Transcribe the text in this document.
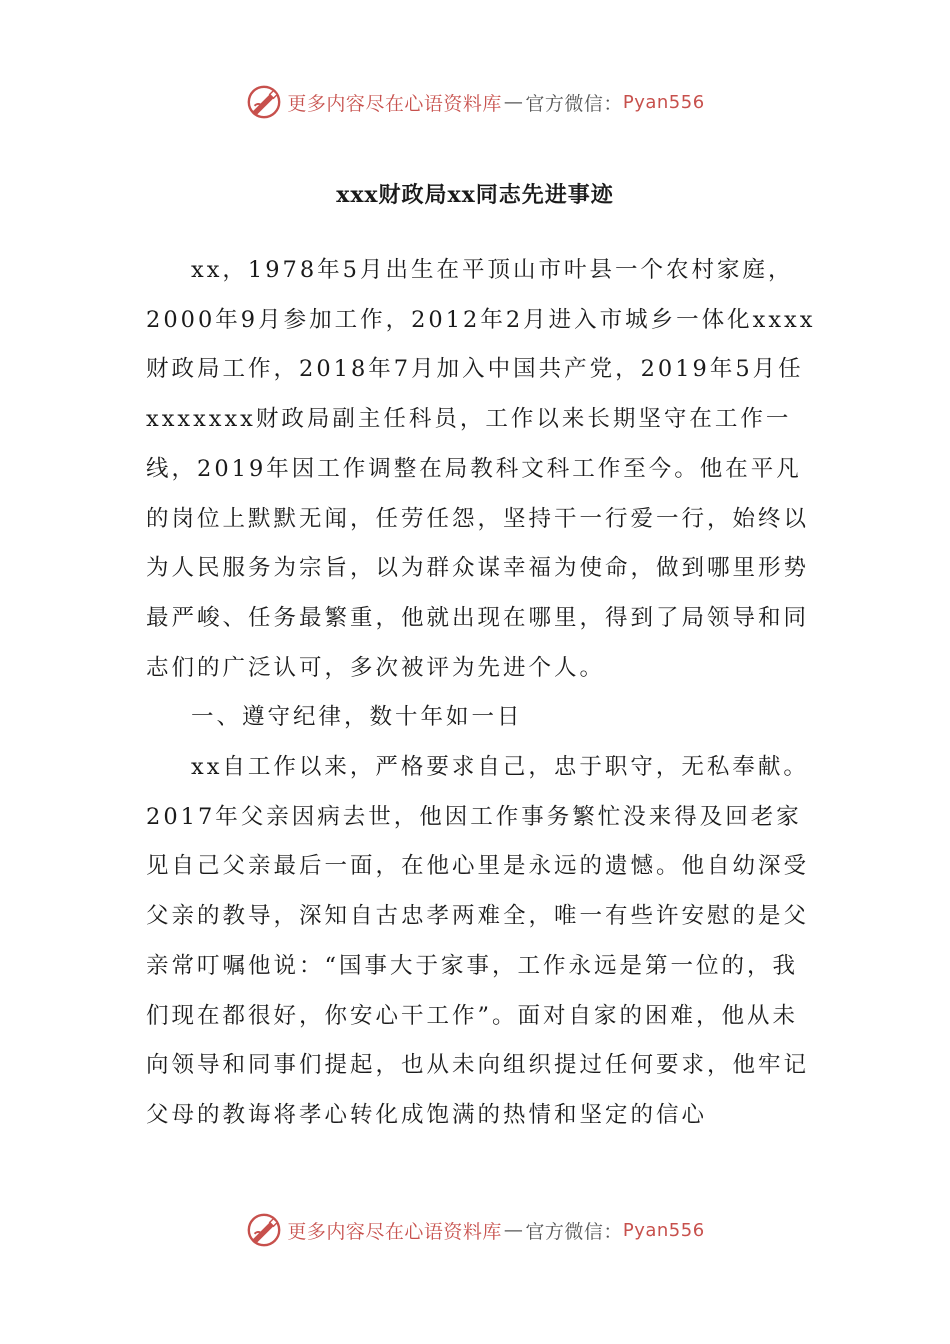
更多内容尽在心语资料库 — 官方微信： Pyan556
xxx财政局xx同志先进事迹

xx，1978年5月出生在平顶山市叶县一个农村家庭，2000年9月参加工作，2012年2月进入市城乡一体化xxxx财政局工作，2018年7月加入中国共产党，2019年5月任xxxxxxx财政局副主任科员，工作以来长期坚守在工作一线，2019年因工作调整在局教科文科工作至今。他在平凡的岗位上默默无闻，任劳任怨，坚持干一行爱一行，始终以为人民服务为宗旨，以为群众谋幸福为使命，做到哪里形势最严峻、任务最繁重，他就出现在哪里，得到了局领导和同志们的广泛认可，多次被评为先进个人。

一、遵守纪律，数十年如一日

xx自工作以来，严格要求自己，忠于职守，无私奉献。2017年父亲因病去世，他因工作事务繁忙没来得及回老家见自己父亲最后一面，在他心里是永远的遗憾。他自幼深受父亲的教导，深知自古忠孝两难全，唯一有些许安慰的是父亲常叮嘱他说：“国事大于家事，工作永远是第一位的，我们现在都很好，你安心干工作”。面对自家的困难，他从未向领导和同事们提起，也从未向组织提过任何要求，他牢记父母的教诲将孝心转化成饱满的热情和坚定的信心

更多内容尽在心语资料库 — 官方微信： Pyan556
